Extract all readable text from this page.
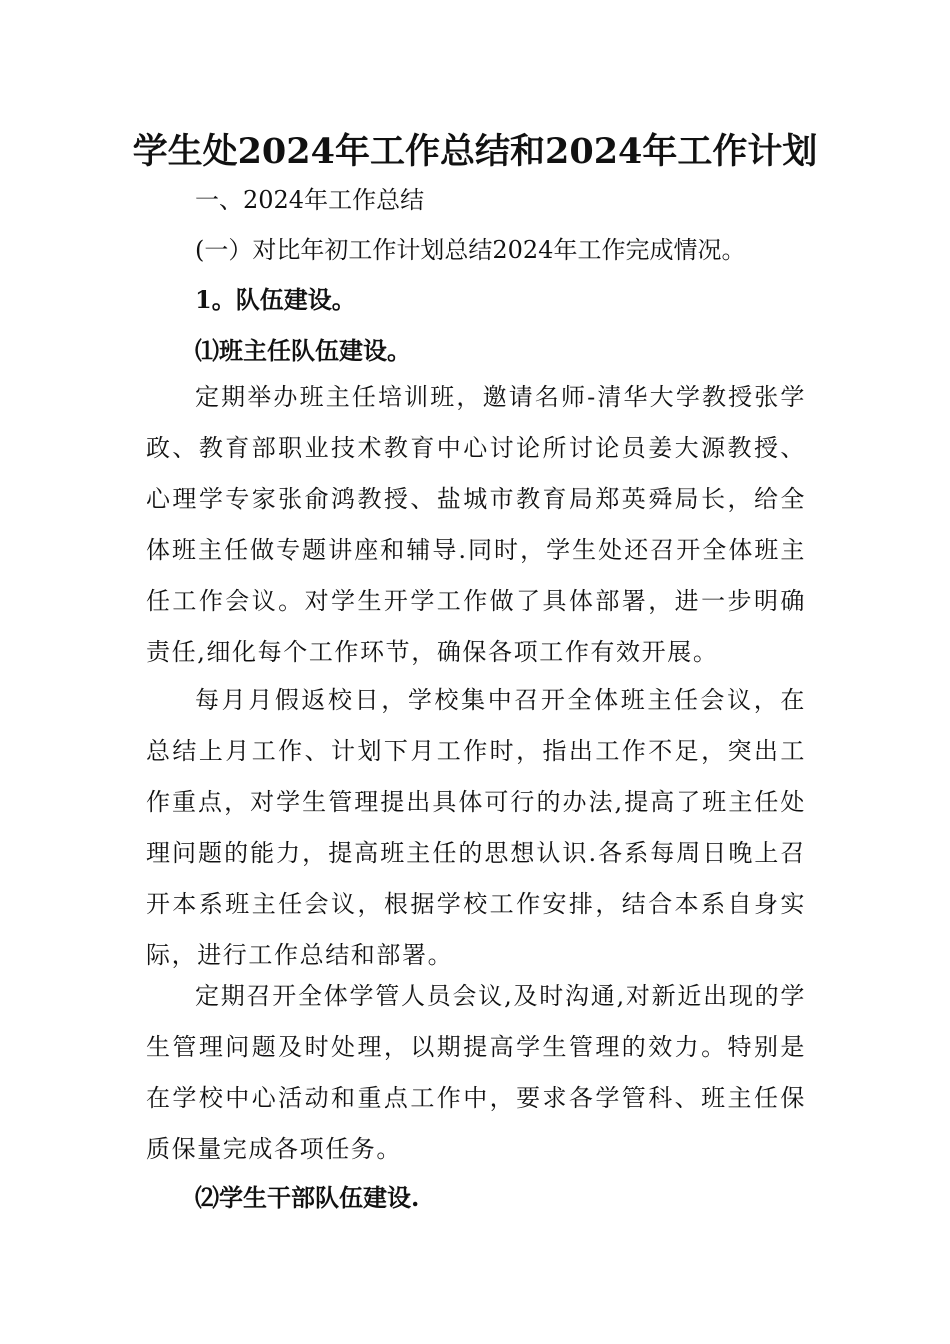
学生处2024年工作总结和2024年工作计划

一、2024年工作总结

(一）对比年初工作计划总结2024年工作完成情况。

1。队伍建设。

⑴班主任队伍建设。

定期举办班主任培训班，邀请名师-清华大学教授张学政、教育部职业技术教育中心讨论所讨论员姜大源教授、心理学专家张俞鸿教授、盐城市教育局郑英舜局长，给全体班主任做专题讲座和辅导.同时，学生处还召开全体班主任工作会议。对学生开学工作做了具体部署，进一步明确责任,细化每个工作环节，确保各项工作有效开展。

每月月假返校日，学校集中召开全体班主任会议，在总结上月工作、计划下月工作时，指出工作不足，突出工作重点，对学生管理提出具体可行的办法,提高了班主任处理问题的能力，提高班主任的思想认识.各系每周日晚上召开本系班主任会议，根据学校工作安排，结合本系自身实际，进行工作总结和部署。

定期召开全体学管人员会议,及时沟通,对新近出现的学生管理问题及时处理，以期提高学生管理的效力。特别是在学校中心活动和重点工作中，要求各学管科、班主任保质保量完成各项任务。

⑵学生干部队伍建设.
